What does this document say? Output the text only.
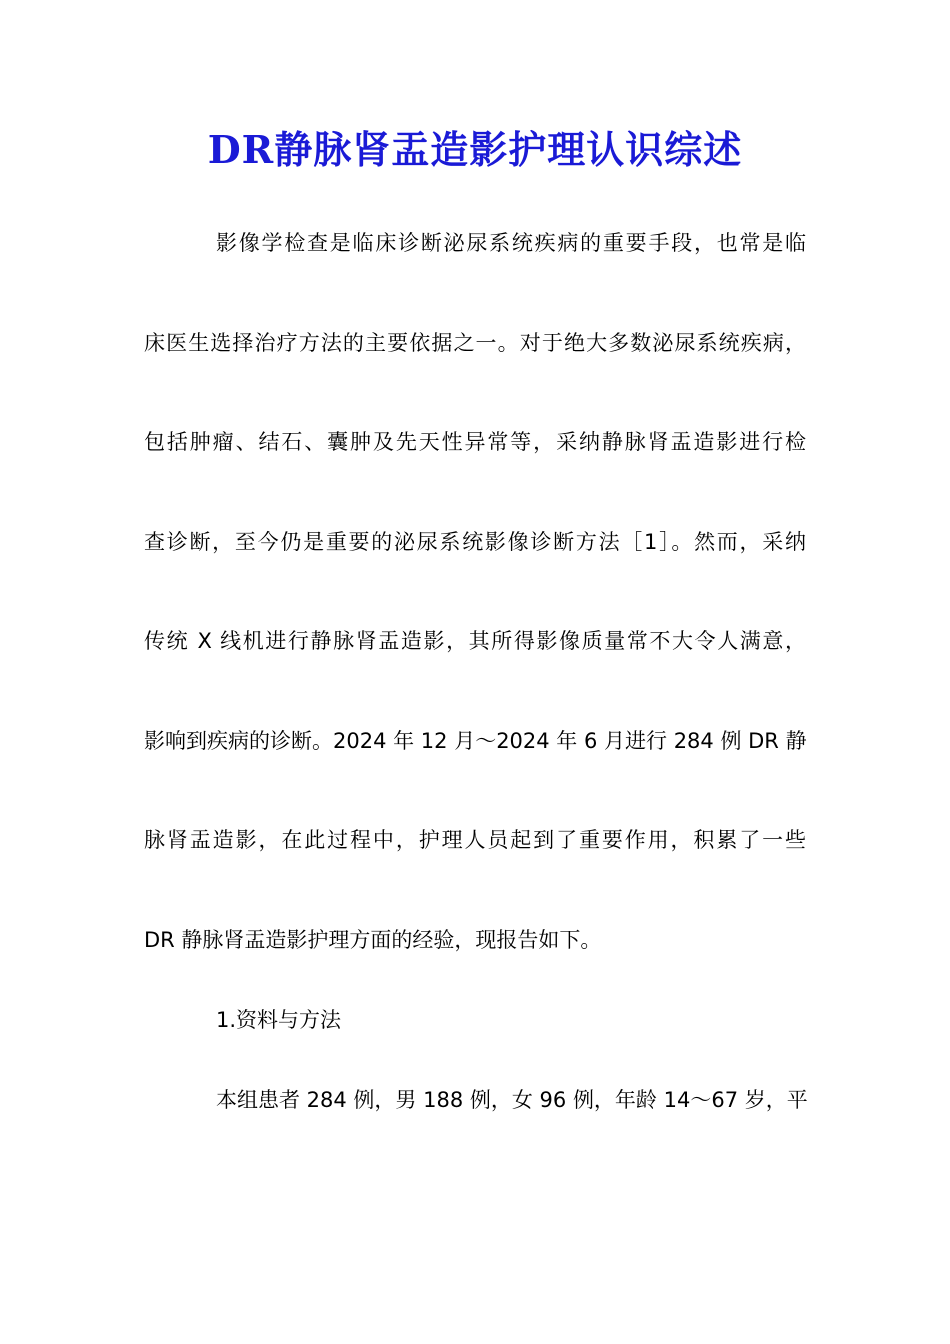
DR静脉肾盂造影护理认识综述
影像学检查是临床诊断泌尿系统疾病的重要手段，也常是临
床医生选择治疗方法的主要依据之一。对于绝大多数泌尿系统疾病，
包括肿瘤、结石、囊肿及先天性异常等，采纳静脉肾盂造影进行检
查诊断，至今仍是重要的泌尿系统影像诊断方法［1］。然而，采纳
传统 X 线机进行静脉肾盂造影，其所得影像质量常不大令人满意，
影响到疾病的诊断。2024 年 12 月～2024 年 6 月进行 284 例 DR 静
脉肾盂造影，在此过程中，护理人员起到了重要作用，积累了一些
DR 静脉肾盂造影护理方面的经验，现报告如下。
1.资料与方法
本组患者 284 例，男 188 例，女 96 例，年龄 14～67 岁，平
